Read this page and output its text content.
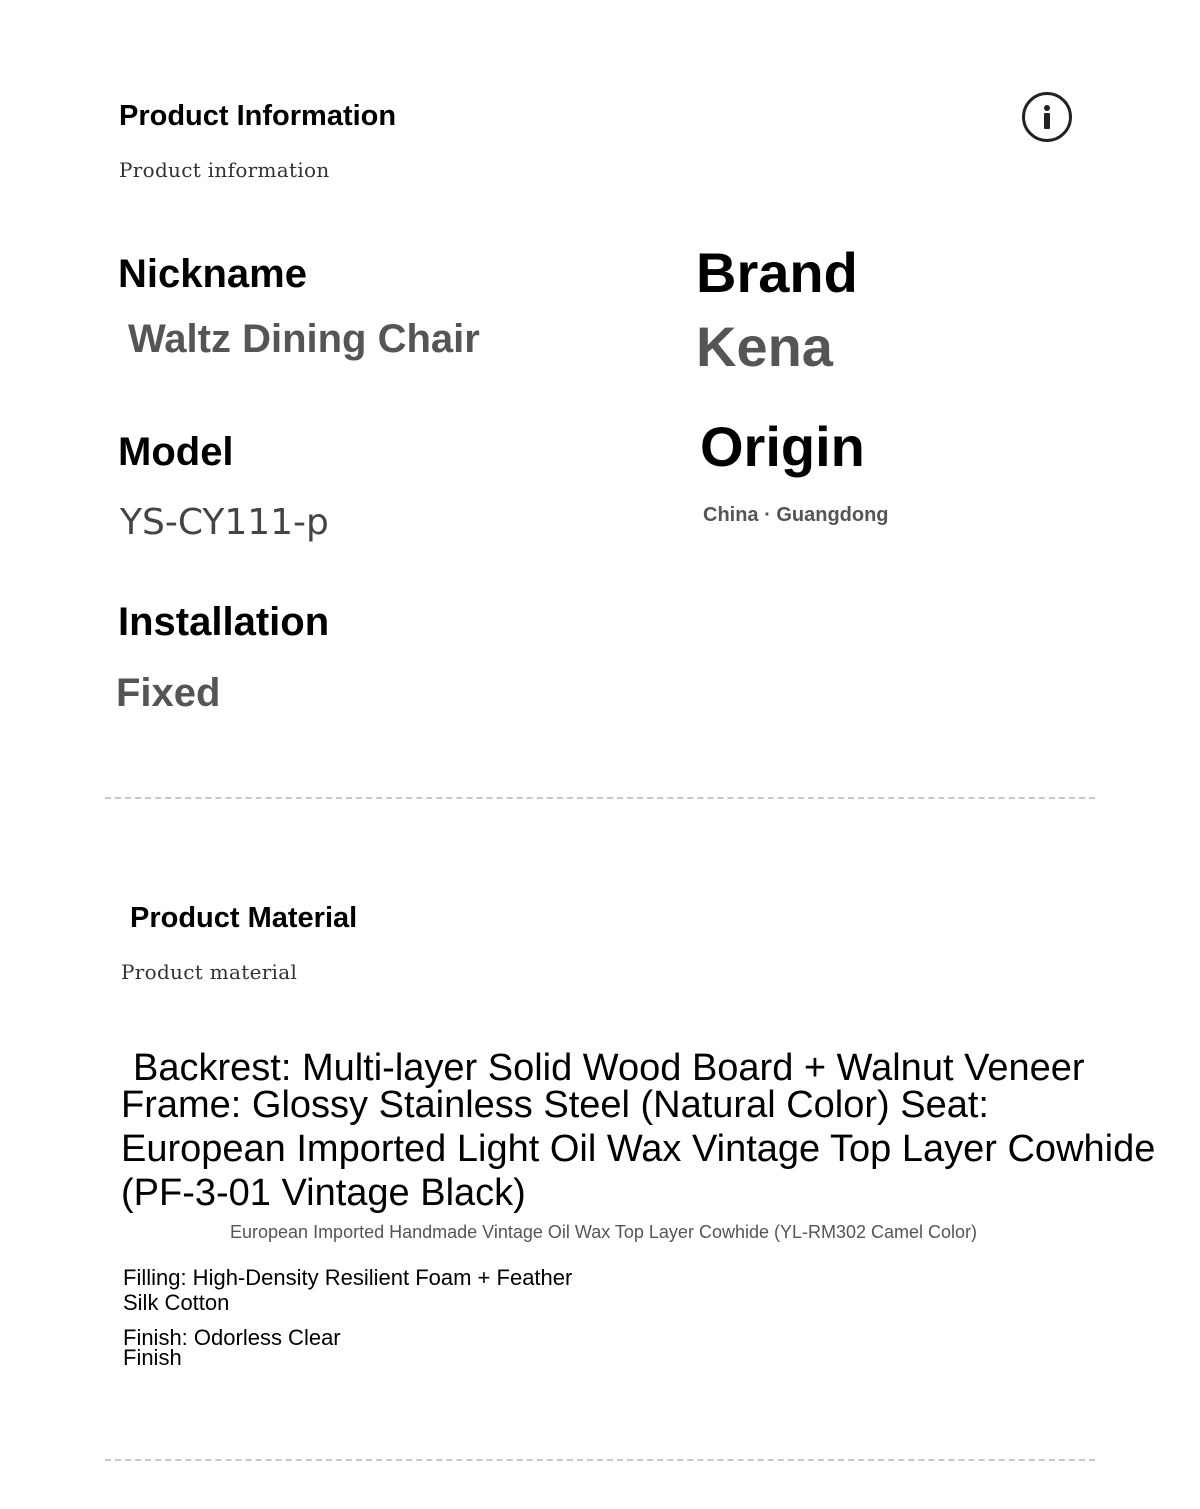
Product Information
Product information
Nickname
Waltz Dining Chair
Brand
Kena
Model
YS-CY111-p
Origin
China · Guangdong
Installation
Fixed
Product Material
Product material
Backrest: Multi-layer Solid Wood Board + Walnut Veneer
Frame: Glossy Stainless Steel (Natural Color) Seat: European Imported Light Oil Wax Vintage Top Layer Cowhide (PF-3-01 Vintage Black)
European Imported Handmade Vintage Oil Wax Top Layer Cowhide (YL-RM302 Camel Color)
Filling: High-Density Resilient Foam + Feather
Silk Cotton
Finish: Odorless Clear
Finish
